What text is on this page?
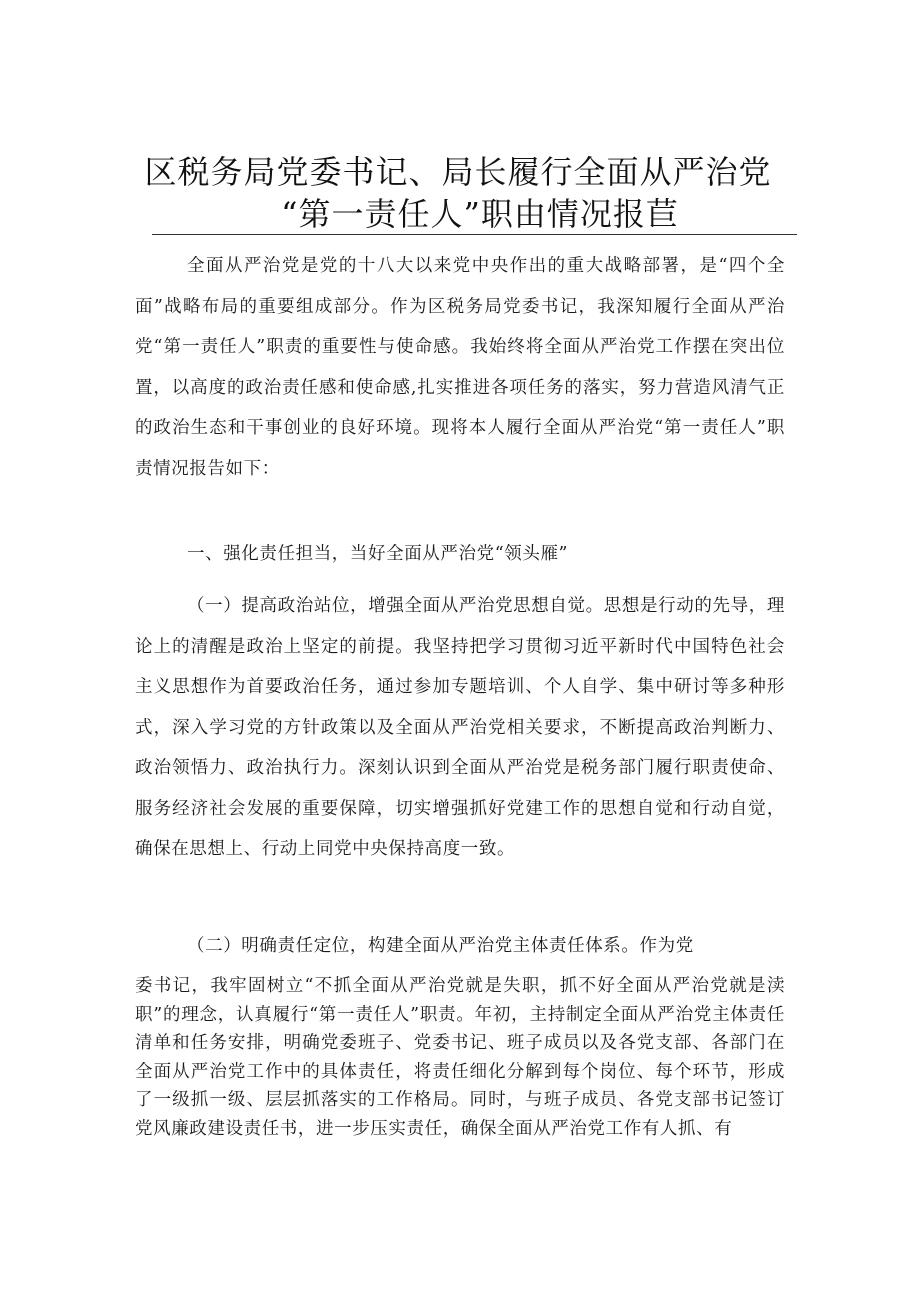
区税务局党委书记、局长履行全面从严治党
“第一责任人”职由情况报苣
全面从严治党是党的十八大以来党中央作出的重大战略部署，是“四个全面”战略布局的重要组成部分。作为区税务局党委书记，我深知履行全面从严治党“第一责任人”职责的重要性与使命感。我始终将全面从严治党工作摆在突出位置，以高度的政治责任感和使命感,扎实推进各项任务的落实，努力营造风清气正的政治生态和干事创业的良好环境。现将本人履行全面从严治党“第一责任人”职责情况报告如下：
一、强化责任担当，当好全面从严治党“领头雁”
（一）提高政治站位，增强全面从严治党思想自觉。思想是行动的先导，理论上的清醒是政治上坚定的前提。我坚持把学习贯彻习近平新时代中国特色社会主义思想作为首要政治任务，通过参加专题培训、个人自学、集中研讨等多种形式，深入学习党的方针政策以及全面从严治党相关要求，不断提高政治判断力、政治领悟力、政治执行力。深刻认识到全面从严治党是税务部门履行职责使命、服务经济社会发展的重要保障，切实增强抓好党建工作的思想自觉和行动自觉，确保在思想上、行动上同党中央保持高度一致。
（二）明确责任定位，构建全面从严治党主体责任体系。作为党
委书记，我牢固树立“不抓全面从严治党就是失职，抓不好全面从严治党就是渎职”的理念，认真履行“第一责任人”职责。年初，主持制定全面从严治党主体责任清单和任务安排，明确党委班子、党委书记、班子成员以及各党支部、各部门在全面从严治党工作中的具体责任，将责任细化分解到每个岗位、每个环节，形成了一级抓一级、层层抓落实的工作格局。同时，与班子成员、各党支部书记签订党风廉政建设责任书，进一步压实责任，确保全面从严治党工作有人抓、有
